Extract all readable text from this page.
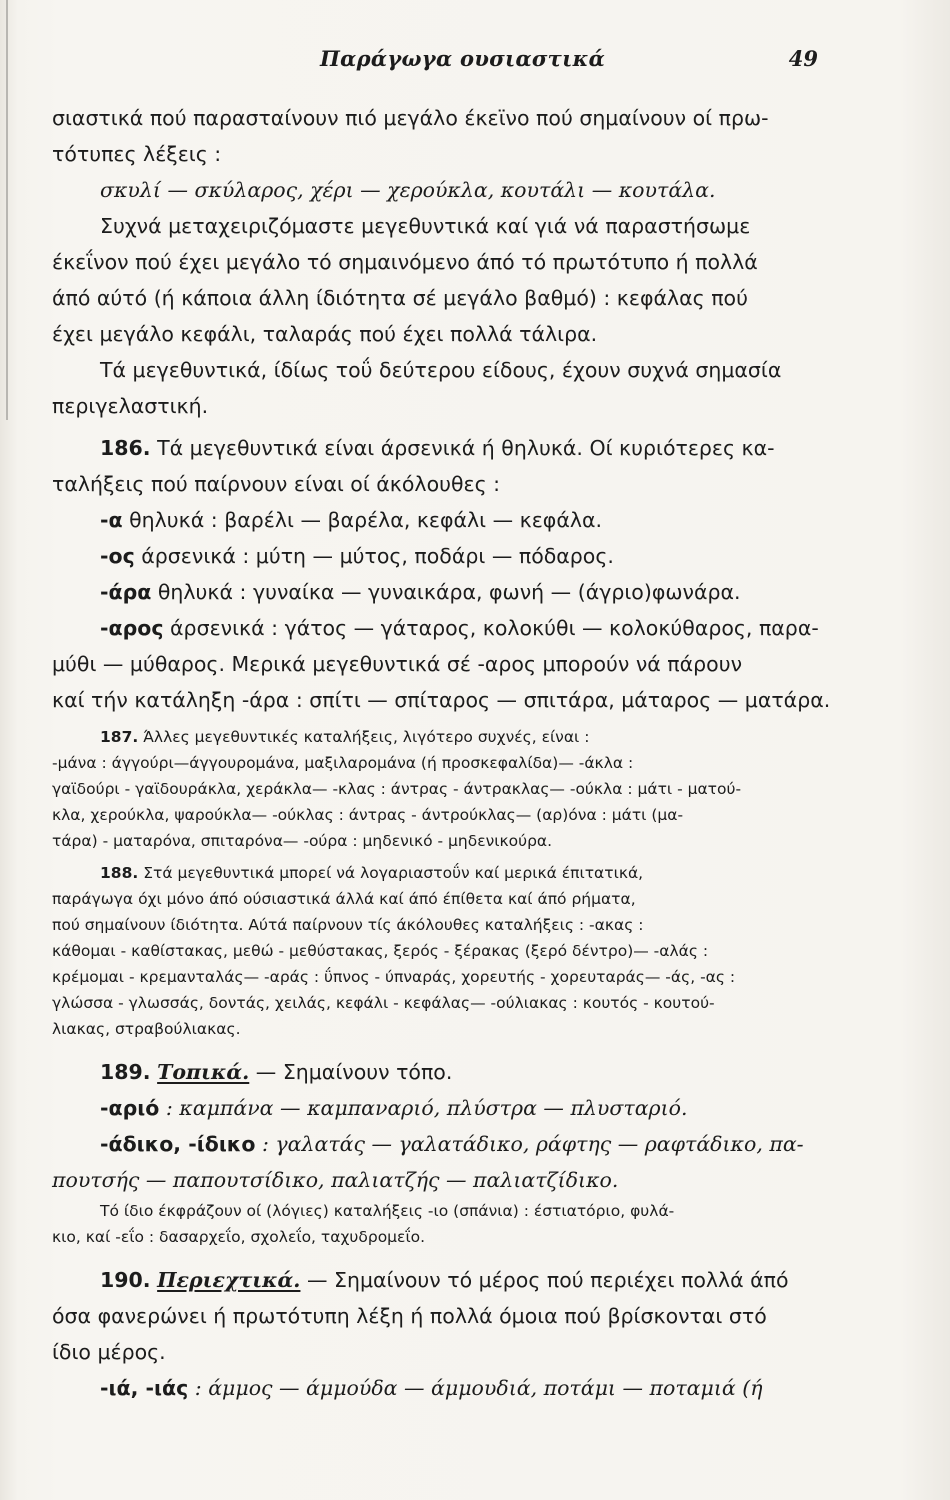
Παράγωγα ουσιαστικά	49
σιαστικά πού παρασταίνουν πιό μεγάλο έκεϊνο πού σημαίνουν οί πρω-
τότυπες λέξεις :
σκυλί — σκύλαρος, χέρι — χερούκλα, κουτάλι — κουτάλα.
Συχνά μεταχειριζόμαστε μεγεθυντικά καί γιά νά παραστήσωμε
έκεΐνον πού έχει μεγάλο τό σημαινόμενο άπό τό πρωτότυπο ή πολλά
άπό αύτό (ή κάποια άλλη ίδιότητα σέ μεγάλο βαθμό) : κεφάλας πού
έχει μεγάλο κεφάλι, ταλαράς πού έχει πολλά τάλιρα.
Τά μεγεθυντικά, ίδίως τοΰ δεύτερου είδους, έχουν συχνά σημασία
περιγελαστική.
186. Τά μεγεθυντικά είναι άρσενικά ή θηλυκά. Οί κυριότερες κα-
ταλήξεις πού παίρνουν είναι οί άκόλουθες :
-α θηλυκά : βαρέλι — βαρέλα, κεφάλι — κεφάλα.
-ος άρσενικά : μύτη — μύτος, ποδάρι — πόδαρος.
-άρα θηλυκά : γυναίκα — γυναικάρα, φωνή — (άγριο)φωνάρα.
-αρος άρσενικά : γάτος — γάταρος, κολοκύθι — κολοκύθαρος, παρα-
μύθι — μύθαρος. Μερικά μεγεθυντικά σέ -αρος μπορούν νά πάρουν
καί τήν κατάληξη -άρα : σπίτι — σπίταρος — σπιτάρα, μάταρος — ματάρα.
187. Άλλες μεγεθυντικές καταλήξεις, λιγότερο συχνές, είναι :
-μάνα : άγγούρι—άγγουρομάνα, μαξιλαρομάνα (ή προσκεφαλίδα)— -άκλα :
γαϊδούρι - γαϊδουράκλα, χεράκλα— -κλας : άντρας - άντρακλας— -ούκλα : μάτι - ματού-
κλα, χερούκλα, ψαρούκλα— -ούκλας : άντρας - άντρούκλας— (αρ)όνα : μάτι (μα-
τάρα) - ματαρόνα, σπιταρόνα— -ούρα : μηδενικό - μηδενικούρα.
188. Στά μεγεθυντικά μπορεί νά λογαριαστοΰν καί μερικά έπιτατικά,
παράγωγα όχι μόνο άπό ούσιαστικά άλλά καί άπό έπίθετα καί άπό ρήματα,
πού σημαίνουν ίδιότητα. Αύτά παίρνουν τίς άκόλουθες καταλήξεις : -ακας :
κάθομαι - καθίστακας, μεθώ - μεθύστακας, ξερός - ξέρακας (ξερό δέντρο)— -αλάς :
κρέμομαι - κρεμανταλάς— -αράς : ΰπνος - ύπναράς, χορευτής - χορευταράς— -άς, -ας :
γλώσσα - γλωσσάς, δοντάς, χειλάς, κεφάλι - κεφάλας— -ούλιακας : κουτός - κουτού-
λιακας, στραβούλιακας.
189. Τοπικά. — Σημαίνουν τόπο.
-αριό : καμπάνα — καμπαναριό, πλύστρα — πλυσταριό.
-άδικο, -ίδικο : γαλατάς — γαλατάδικο, ράφτης — ραφτάδικο, πα-
πουτσής — παπουτσίδικο, παλιατζής — παλιατζίδικο.
Τό ίδιο έκφράζουν οί (λόγιες) καταλήξεις -ιο (σπάνια) : έστιατόριο, φυλά-
κιο, καί -εΐο : δασαρχεΐο, σχολεΐο, ταχυδρομεΐο.
190. Περιεχτικά. — Σημαίνουν τό μέρος πού περιέχει πολλά άπό
όσα φανερώνει ή πρωτότυπη λέξη ή πολλά όμοια πού βρίσκονται στό
ίδιο μέρος.
-ιά, -ιάς : άμμος — άμμούδα — άμμουδιά, ποτάμι — ποταμιά (ή
